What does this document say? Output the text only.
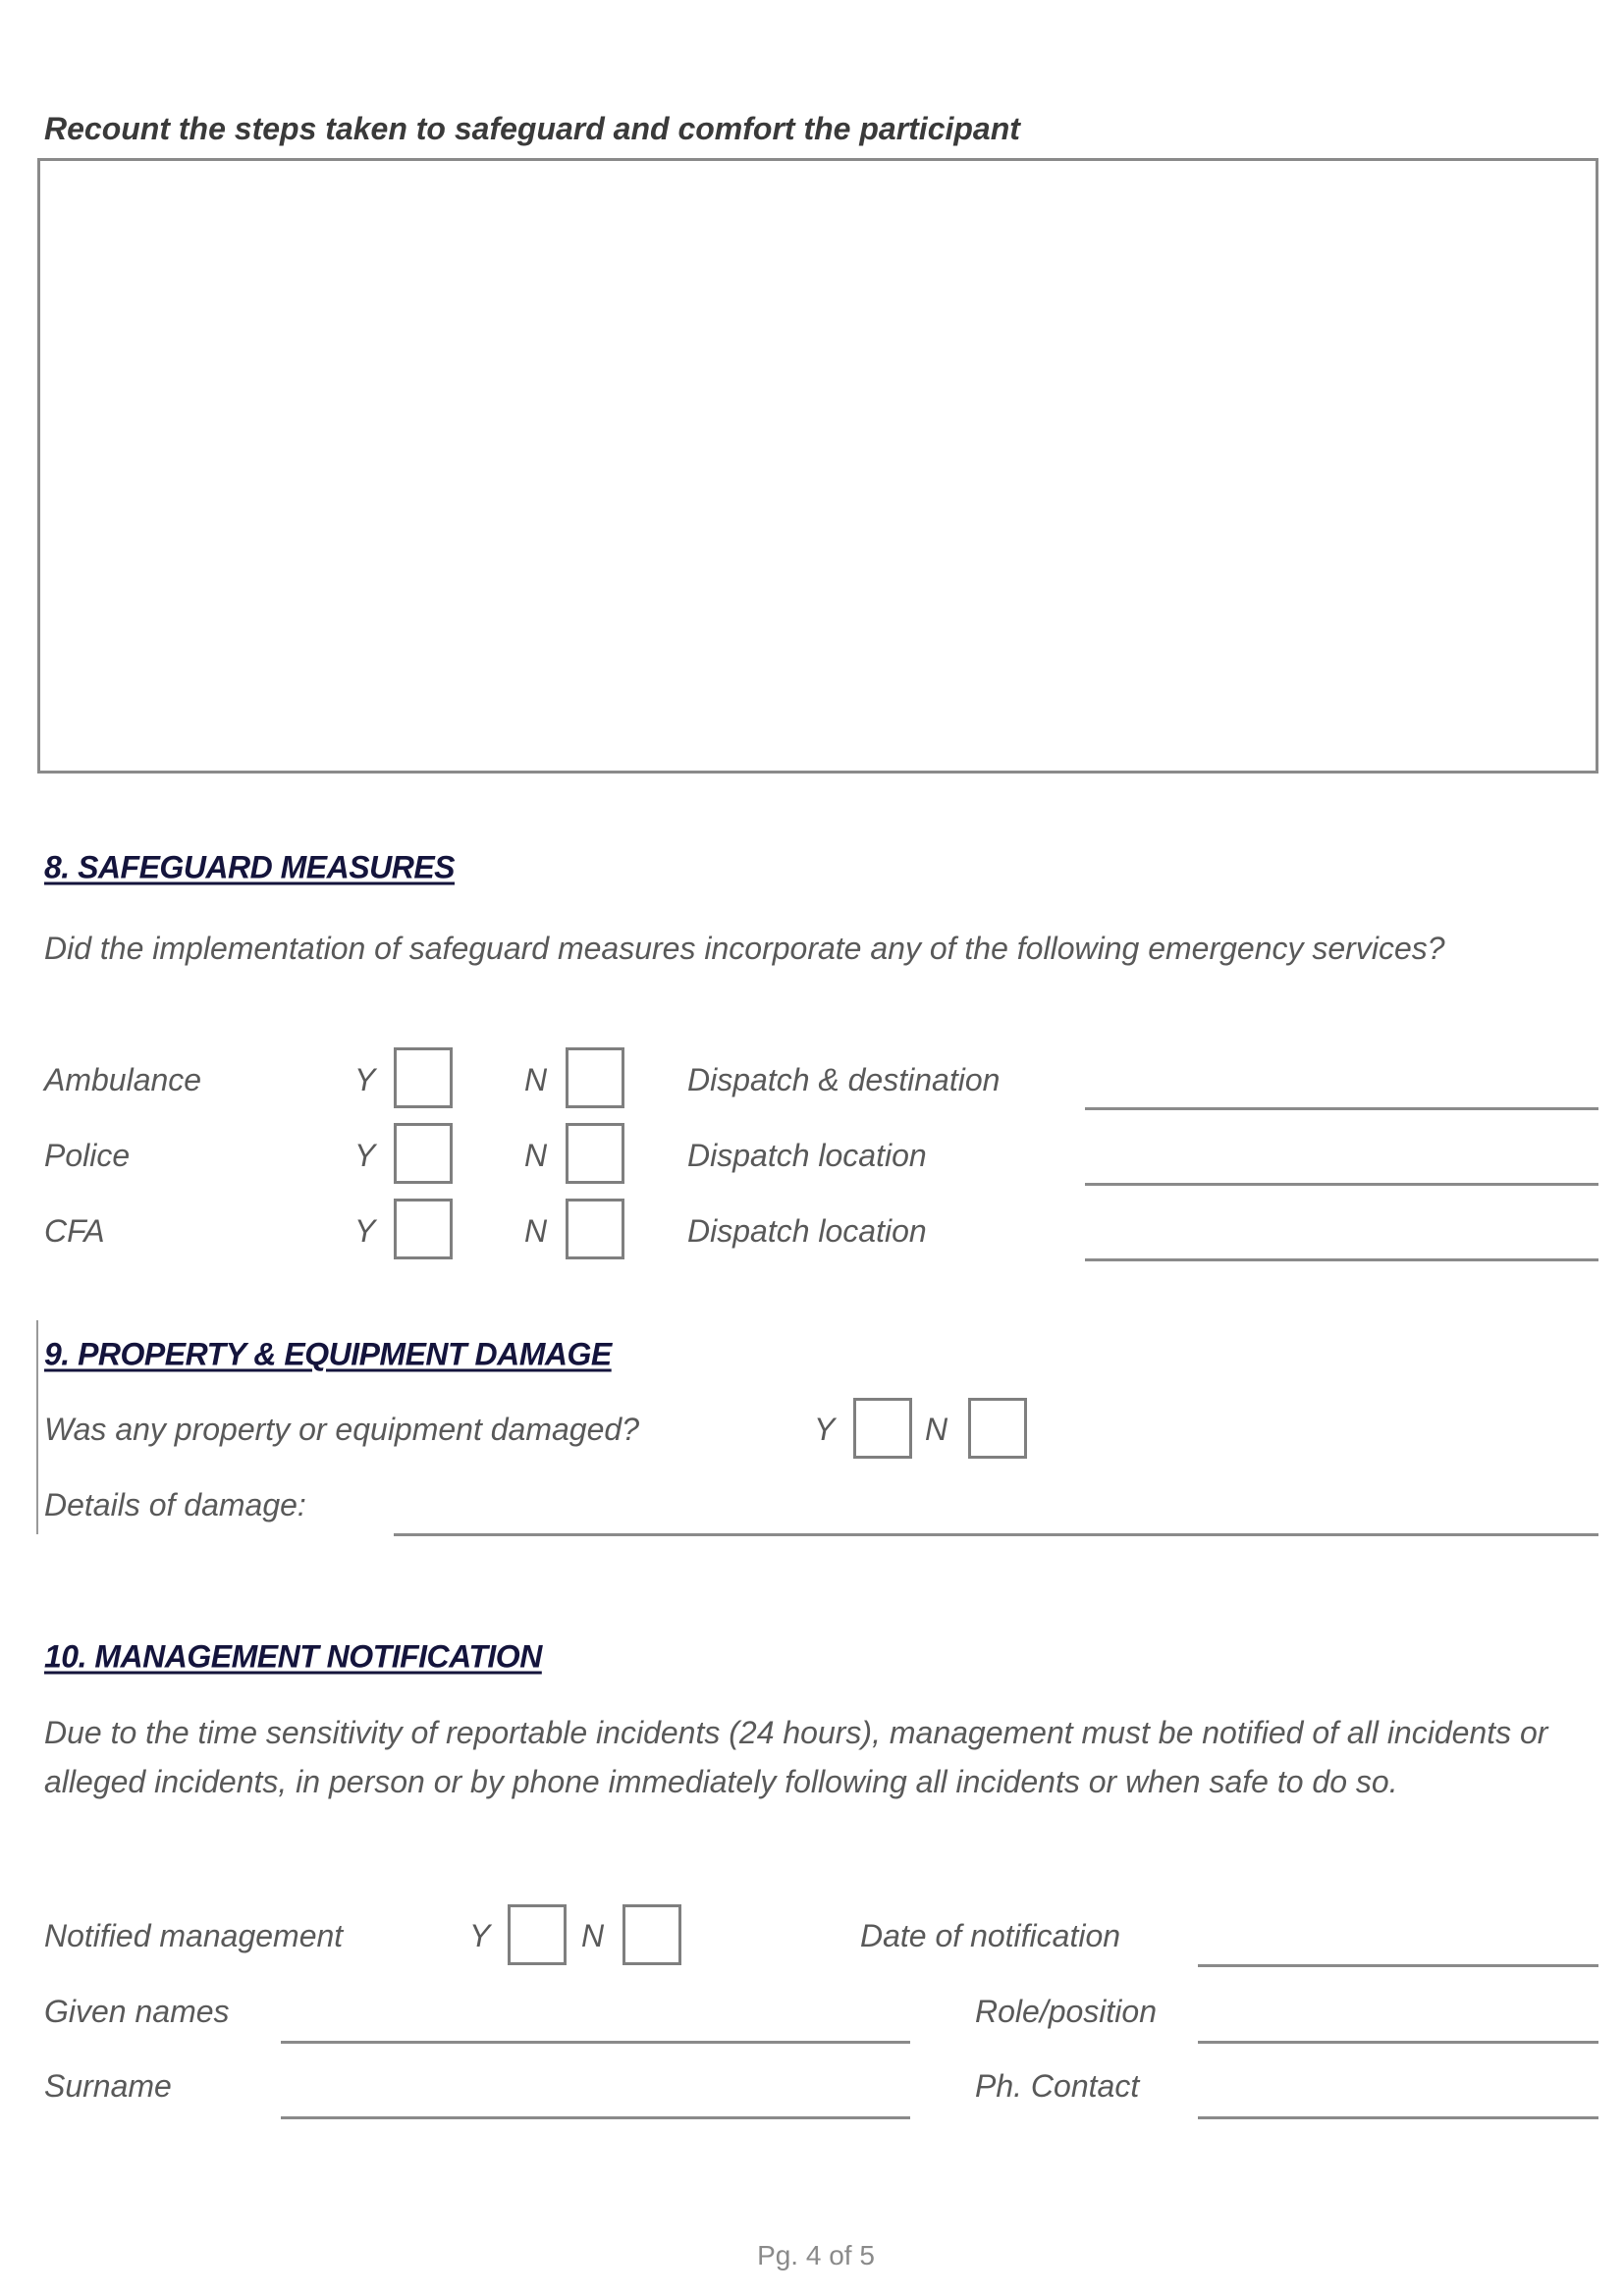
Recount the steps taken to safeguard and comfort the participant
8. SAFEGUARD MEASURES
Did the implementation of safeguard measures incorporate any of the following emergency services?
Ambulance	Y	N	Dispatch & destination
Police	Y	N	Dispatch location
CFA	Y	N	Dispatch location
9. PROPERTY & EQUIPMENT DAMAGE
Was any property or equipment damaged?	Y	N
Details of damage:
10. MANAGEMENT NOTIFICATION
Due to the time sensitivity of reportable incidents (24 hours), management must be notified of all incidents or alleged incidents, in person or by phone immediately following all incidents or when safe to do so.
Notified management	Y	N	Date of notification
Given names	Role/position
Surname	Ph. Contact
Pg. 4 of 5
